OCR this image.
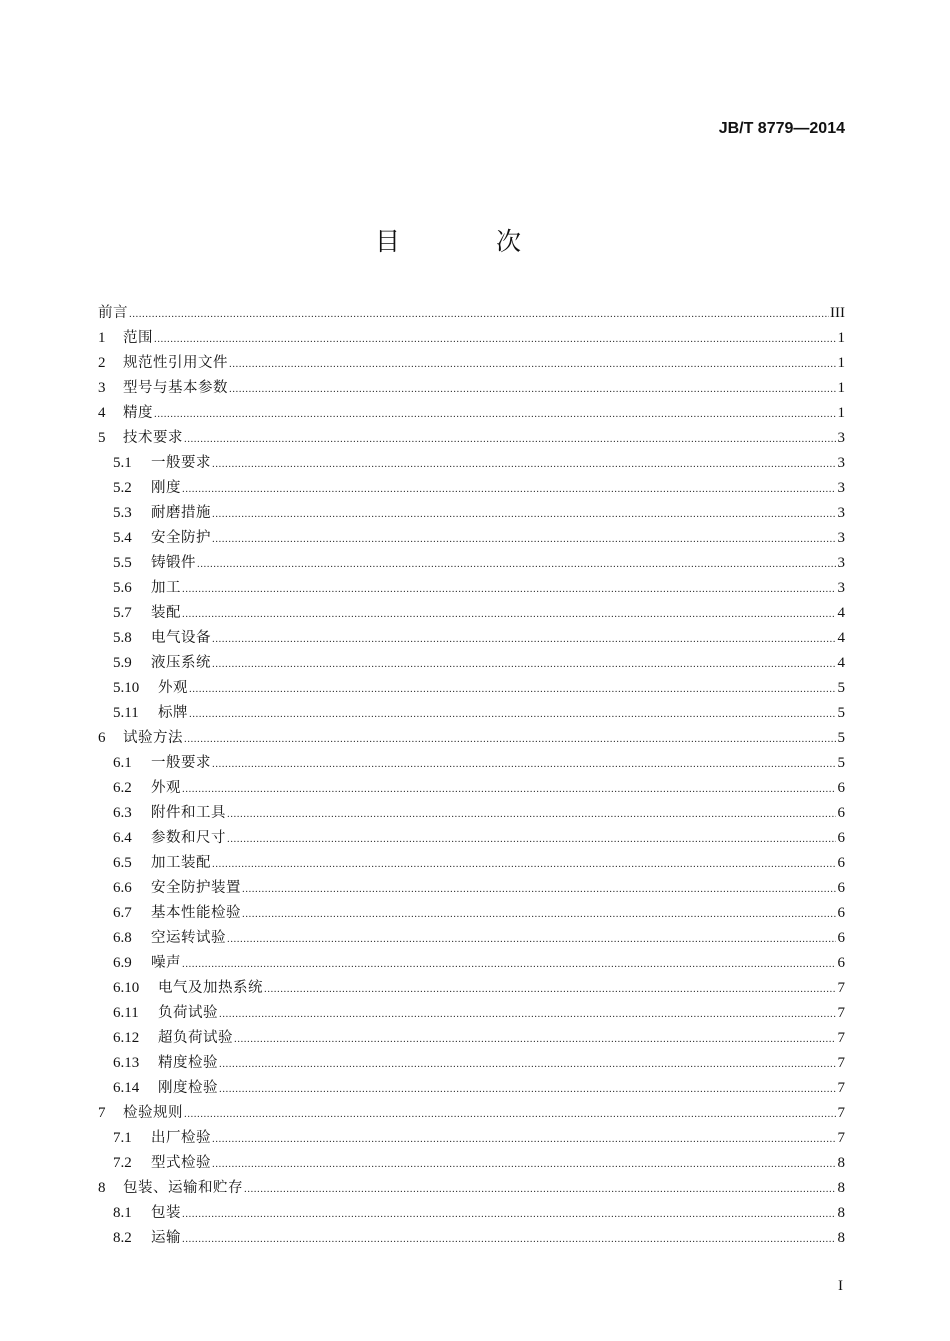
JB/T 8779—2014
目 次
前言 .....	III
1	范围 .....	1
2	规范性引用文件 .....	1
3	型号与基本参数 .....	1
4	精度 .....	1
5	技术要求 .....	3
5.1	一般要求 .....	3
5.2	刚度 .....	3
5.3	耐磨措施 .....	3
5.4	安全防护 .....	3
5.5	铸锻件 .....	3
5.6	加工 .....	3
5.7	装配 .....	4
5.8	电气设备 .....	4
5.9	液压系统 .....	4
5.10	外观 .....	5
5.11	标牌 .....	5
6	试验方法 .....	5
6.1	一般要求 .....	5
6.2	外观 .....	6
6.3	附件和工具 .....	6
6.4	参数和尺寸 .....	6
6.5	加工装配 .....	6
6.6	安全防护装置 .....	6
6.7	基本性能检验 .....	6
6.8	空运转试验 .....	6
6.9	噪声 .....	6
6.10	电气及加热系统 .....	7
6.11	负荷试验 .....	7
6.12	超负荷试验 .....	7
6.13	精度检验 .....	7
6.14	刚度检验 .....	7
7	检验规则 .....	7
7.1	出厂检验 .....	7
7.2	型式检验 .....	8
8	包装、运输和贮存 .....	8
8.1	包装 .....	8
8.2	运输 .....	8
I
